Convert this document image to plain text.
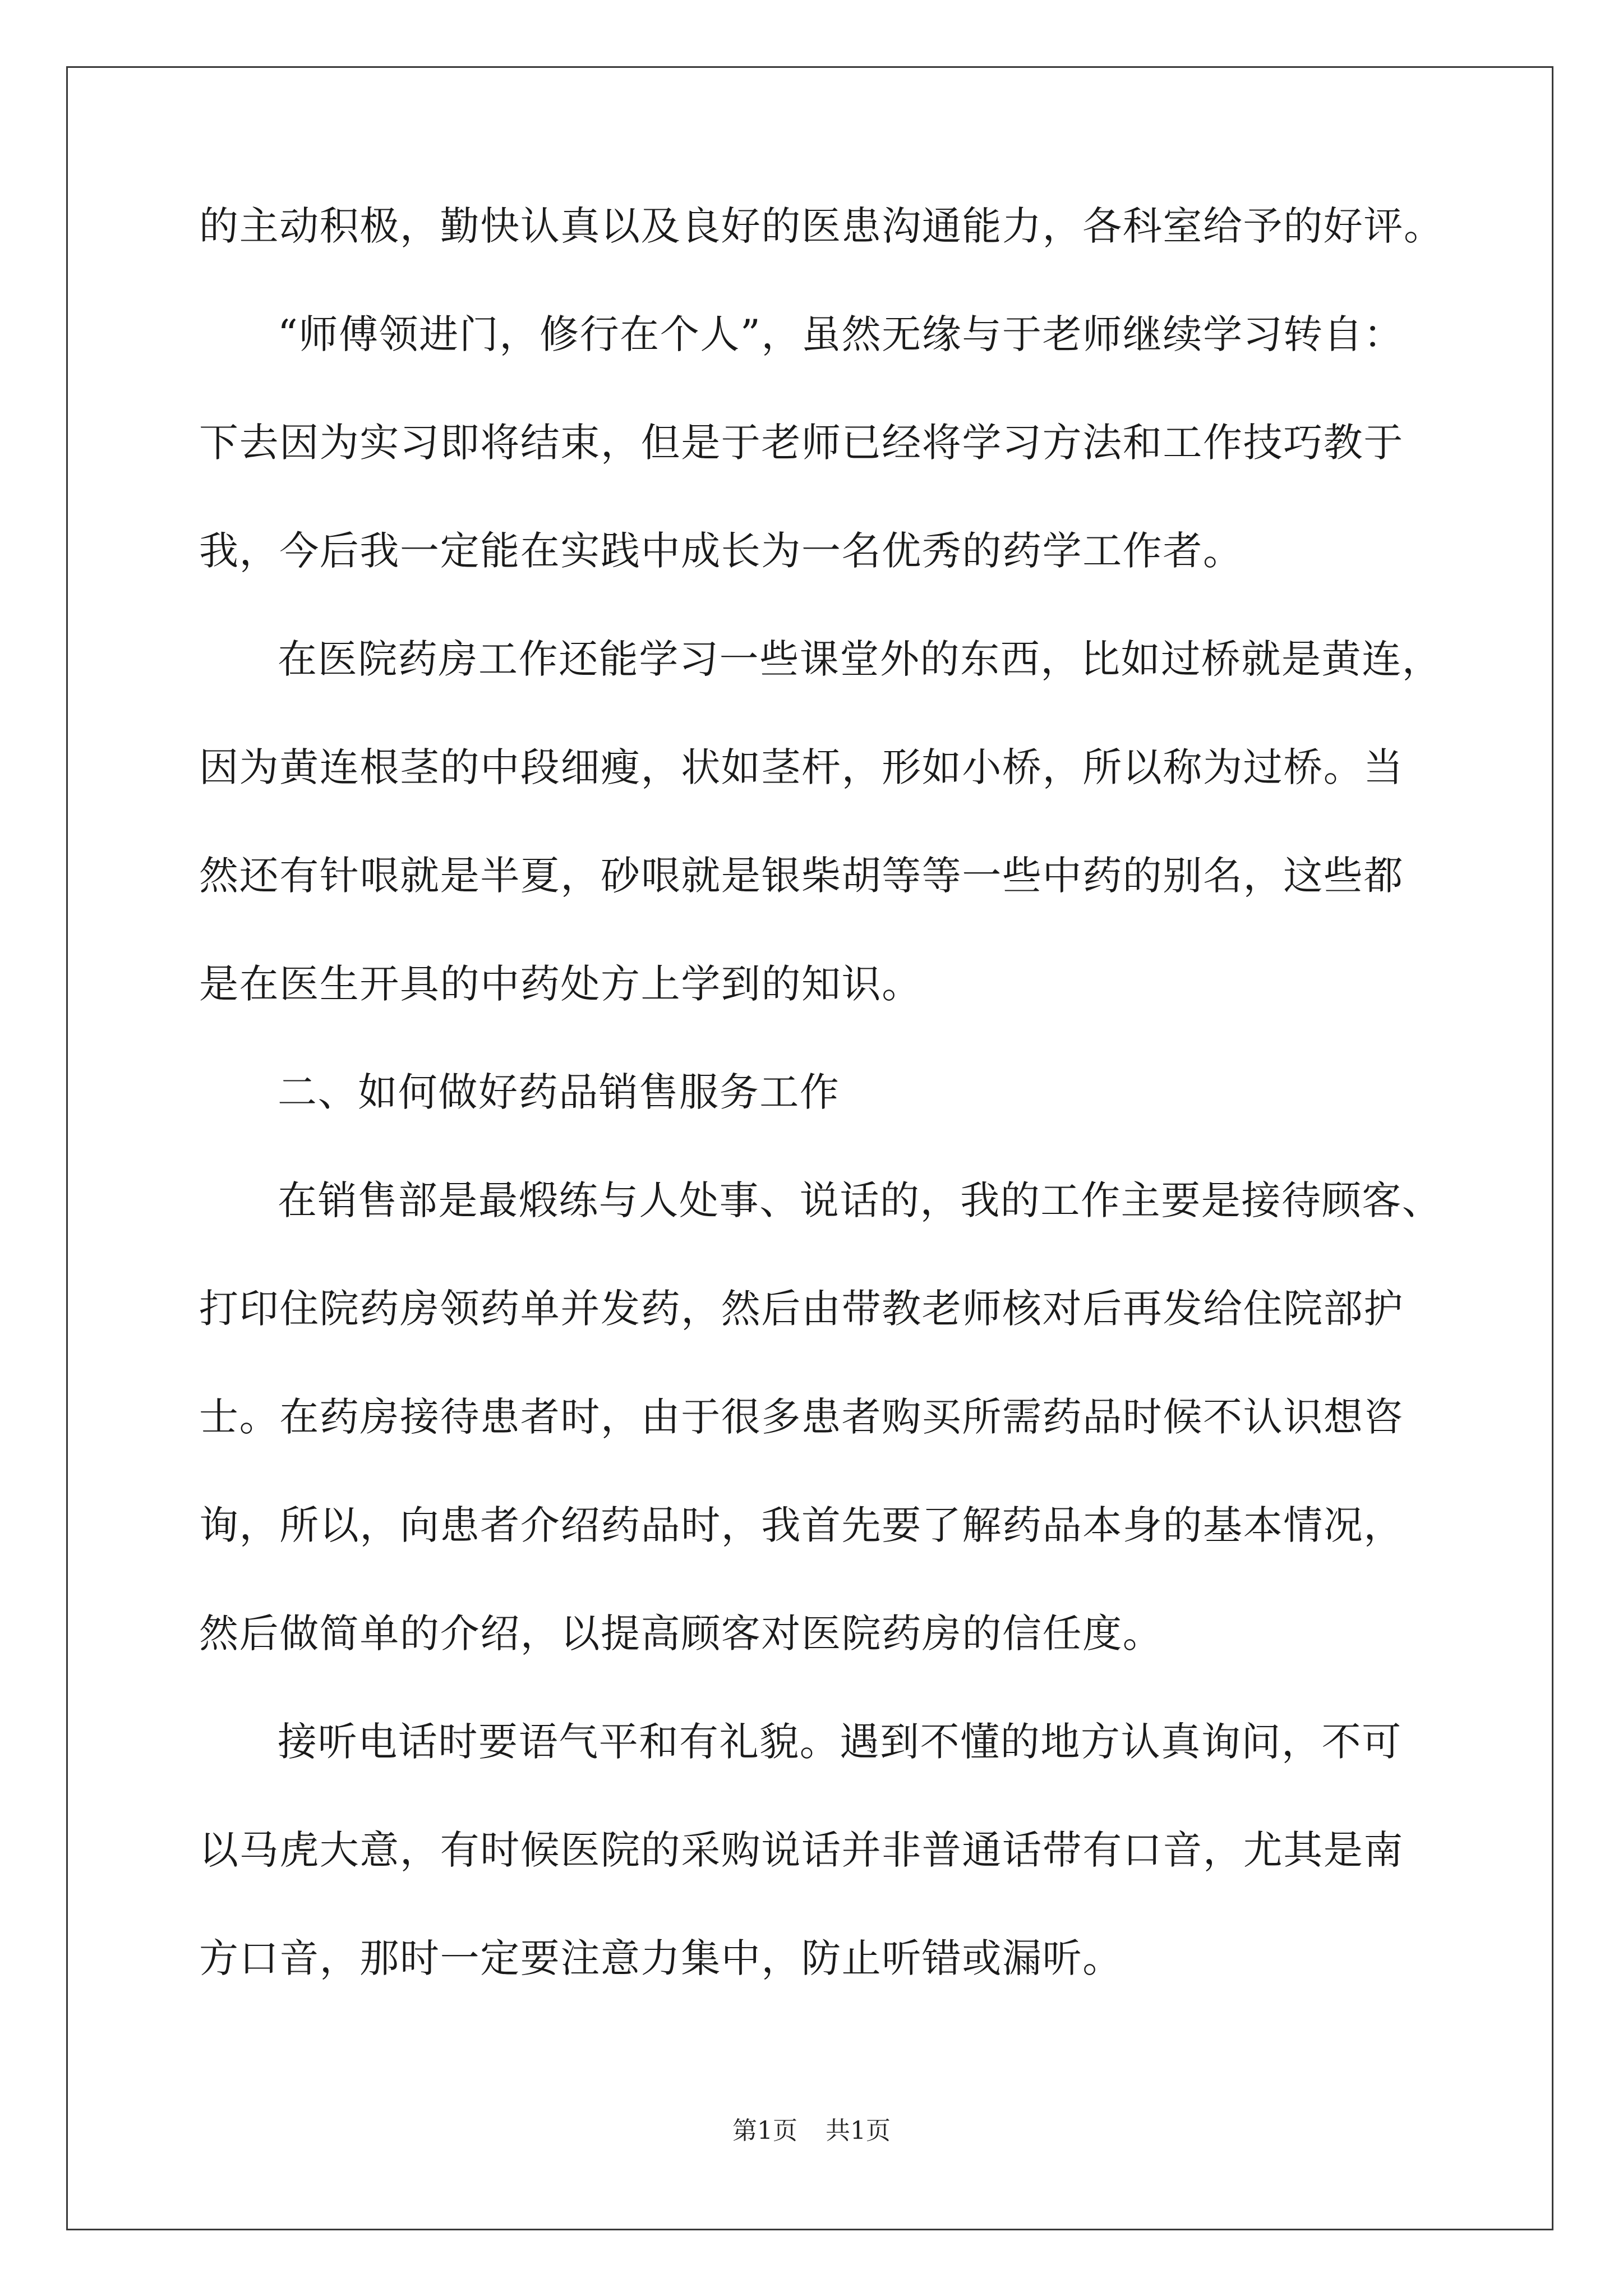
的主动积极，勤快认真以及良好的医患沟通能力，各科室给予的好评。
“师傅领进门，修行在个人”，虽然无缘与于老师继续学习转自：
下去因为实习即将结束，但是于老师已经将学习方法和工作技巧教于
我，今后我一定能在实践中成长为一名优秀的药学工作者。
在医院药房工作还能学习一些课堂外的东西，比如过桥就是黄连，
因为黄连根茎的中段细瘦，状如茎杆，形如小桥，所以称为过桥。当
然还有针哏就是半夏，砂哏就是银柴胡等等一些中药的别名，这些都
是在医生开具的中药处方上学到的知识。
二、如何做好药品销售服务工作
在销售部是最煅练与人处事、说话的，我的工作主要是接待顾客、
打印住院药房领药单并发药，然后由带教老师核对后再发给住院部护
士。在药房接待患者时，由于很多患者购买所需药品时候不认识想咨
询，所以，向患者介绍药品时，我首先要了解药品本身的基本情况，
然后做简单的介绍，以提高顾客对医院药房的信任度。
接听电话时要语气平和有礼貌。遇到不懂的地方认真询问，不可
以马虎大意，有时候医院的采购说话并非普通话带有口音，尤其是南
方口音，那时一定要注意力集中，防止听错或漏听。
第1页 共1页
